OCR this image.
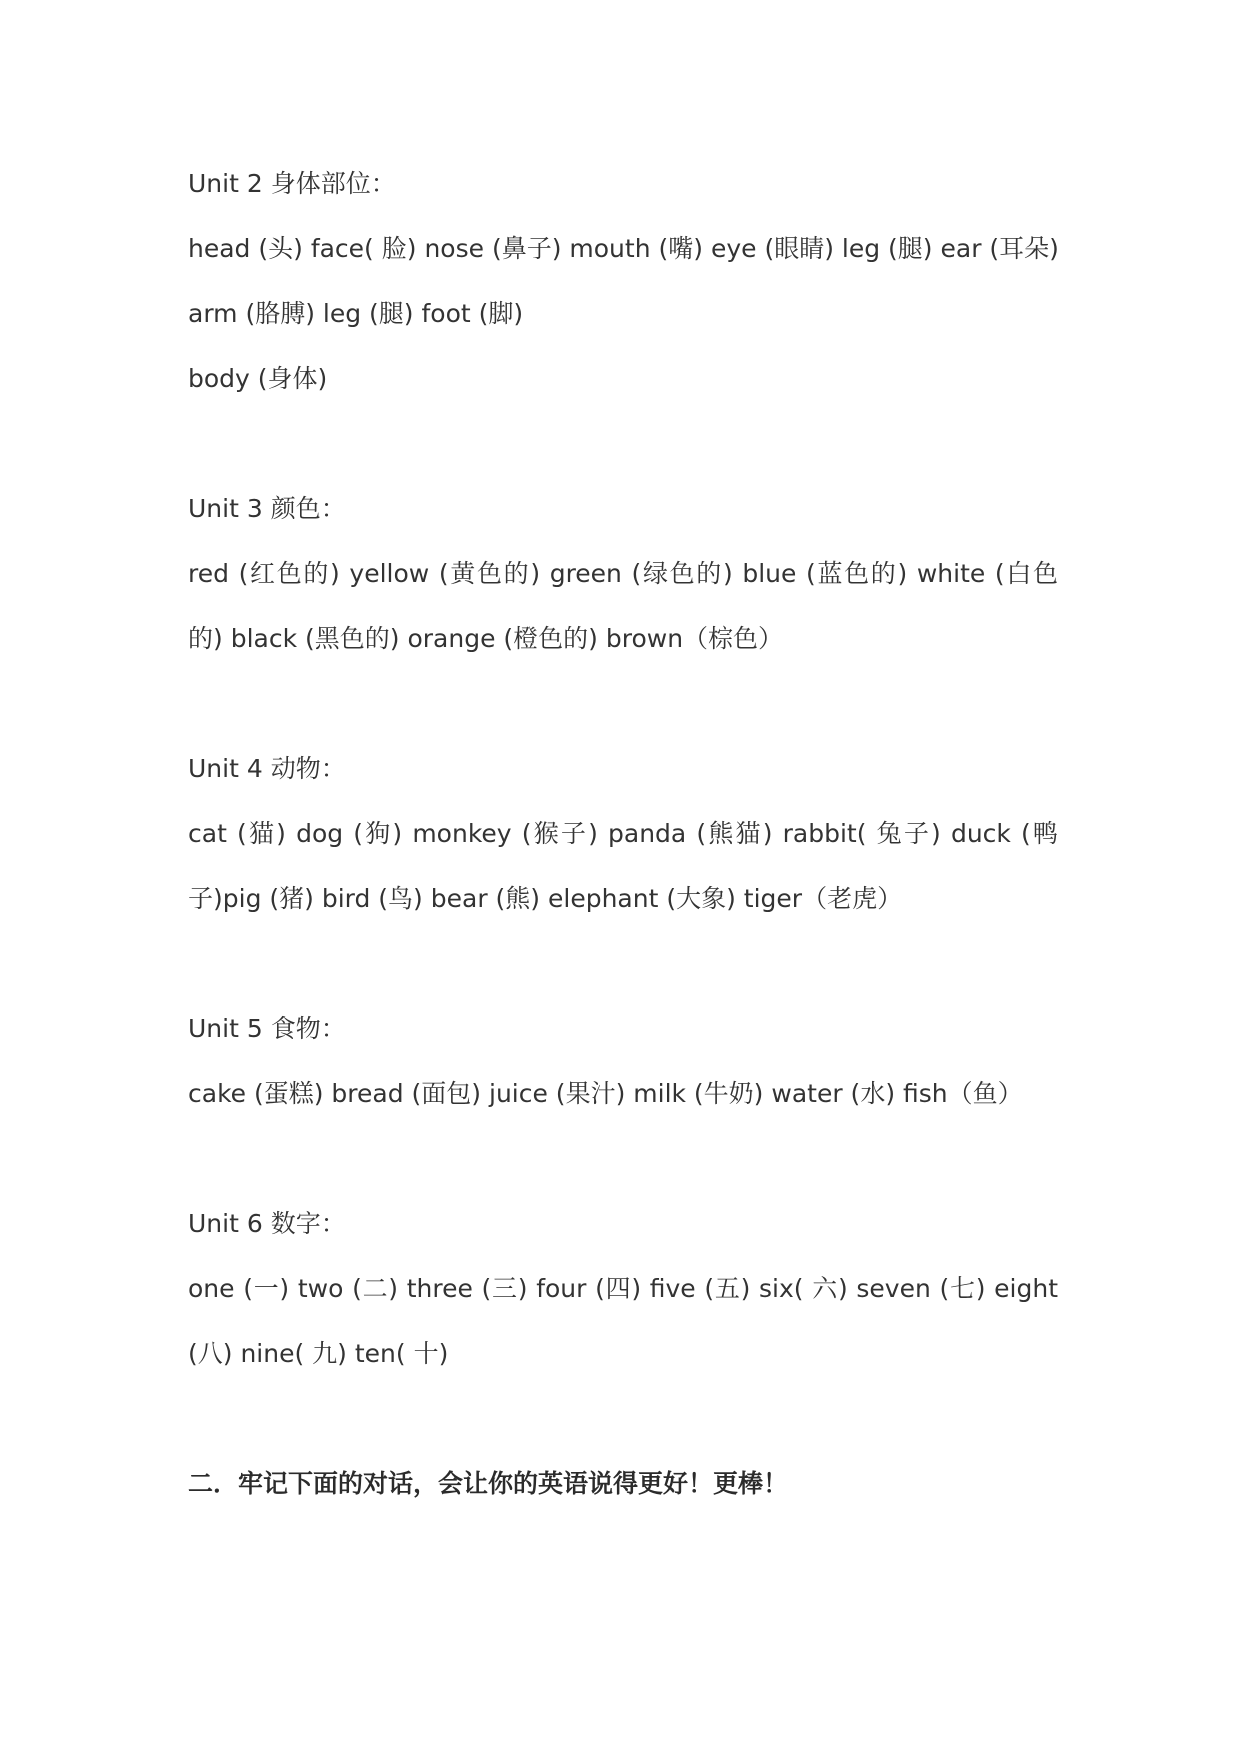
Unit 2 身体部位：
head (头) face( 脸) nose (鼻子) mouth (嘴) eye (眼睛) leg (腿) ear (耳朵)
arm (胳膊) leg (腿) foot (脚)
body (身体)
Unit 3 颜色：
red (红色的) yellow (黄色的) green (绿色的) blue (蓝色的) white (白色
的) black (黑色的) orange (橙色的) brown（棕色）
Unit 4 动物：
cat (猫) dog (狗) monkey (猴子) panda (熊猫) rabbit( 兔子) duck (鸭
子)pig (猪) bird (鸟) bear (熊) elephant (大象) tiger（老虎）
Unit 5 食物：
cake (蛋糕) bread (面包) juice (果汁) milk (牛奶) water (水) fish（鱼）
Unit 6 数字：
one (一) two (二) three (三) four (四) five (五) six( 六) seven (七) eight
(八) nine( 九) ten( 十)
二．牢记下面的对话，会让你的英语说得更好！更棒！
